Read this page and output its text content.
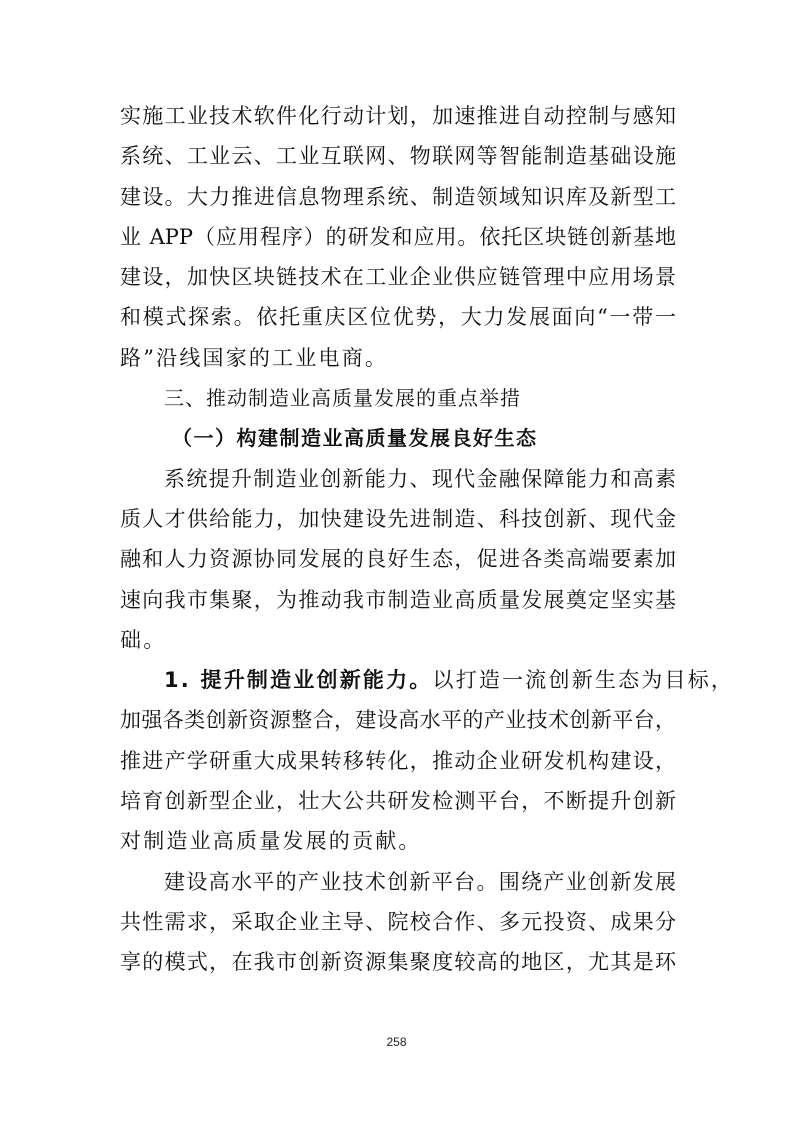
实施工业技术软件化行动计划，加速推进自动控制与感知
系统、工业云、工业互联网、物联网等智能制造基础设施
建设。大力推进信息物理系统、制造领域知识库及新型工
业 APP（应用程序）的研发和应用。依托区块链创新基地
建设，加快区块链技术在工业企业供应链管理中应用场景
和模式探索。依托重庆区位优势，大力发展面向“一带一
路”沿线国家的工业电商。
三、推动制造业高质量发展的重点举措
（一）构建制造业高质量发展良好生态
系统提升制造业创新能力、现代金融保障能力和高素
质人才供给能力，加快建设先进制造、科技创新、现代金
融和人力资源协同发展的良好生态，促进各类高端要素加
速向我市集聚，为推动我市制造业高质量发展奠定坚实基
础。
1. 提升制造业创新能力。以打造一流创新生态为目标，
加强各类创新资源整合，建设高水平的产业技术创新平台，
推进产学研重大成果转移转化，推动企业研发机构建设，
培育创新型企业，壮大公共研发检测平台，不断提升创新
对制造业高质量发展的贡献。
建设高水平的产业技术创新平台。围绕产业创新发展
共性需求，采取企业主导、院校合作、多元投资、成果分
享的模式，在我市创新资源集聚度较高的地区，尤其是环
258
